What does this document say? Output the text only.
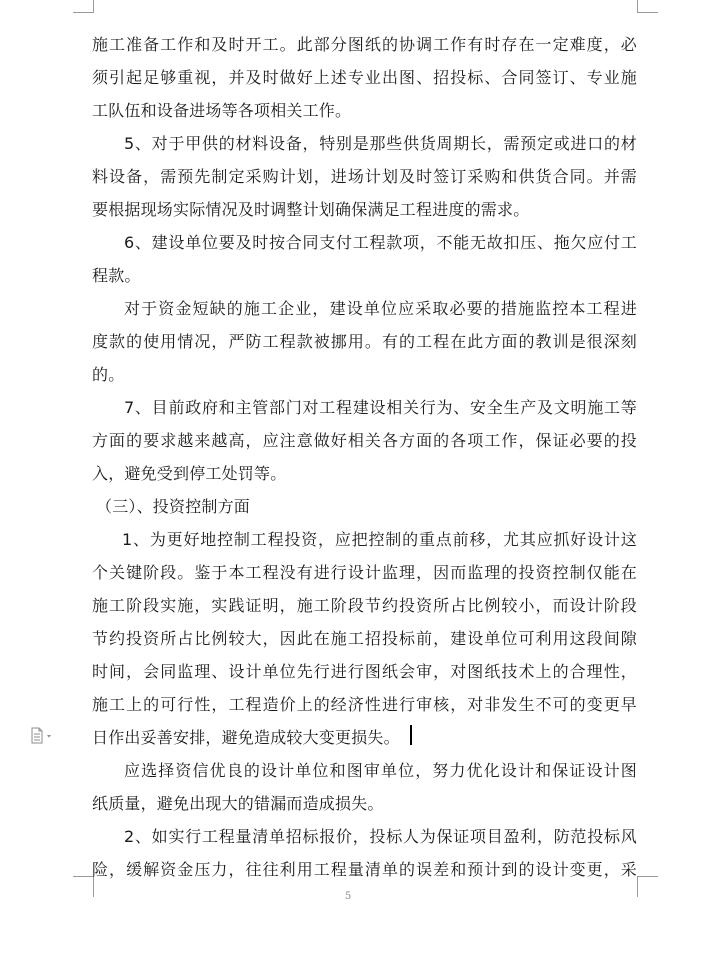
施工准备工作和及时开工。此部分图纸的协调工作有时存在一定难度，必
须引起足够重视，并及时做好上述专业出图、招投标、合同签订、专业施
工队伍和设备进场等各项相关工作。
5、对于甲供的材料设备，特别是那些供货周期长，需预定或进口的材
料设备，需预先制定采购计划，进场计划及时签订采购和供货合同。并需
要根据现场实际情况及时调整计划确保满足工程进度的需求。
6、建设单位要及时按合同支付工程款项，不能无故扣压、拖欠应付工
程款。
对于资金短缺的施工企业，建设单位应采取必要的措施监控本工程进
度款的使用情况，严防工程款被挪用。有的工程在此方面的教训是很深刻
的。
7、目前政府和主管部门对工程建设相关行为、安全生产及文明施工等
方面的要求越来越高，应注意做好相关各方面的各项工作，保证必要的投
入，避免受到停工处罚等。
（三）、投资控制方面
1、为更好地控制工程投资，应把控制的重点前移，尤其应抓好设计这
个关键阶段。鉴于本工程没有进行设计监理，因而监理的投资控制仅能在
施工阶段实施，实践证明，施工阶段节约投资所占比例较小，而设计阶段
节约投资所占比例较大，因此在施工招投标前，建设单位可利用这段间隙
时间，会同监理、设计单位先行进行图纸会审，对图纸技术上的合理性，
施工上的可行性，工程造价上的经济性进行审核，对非发生不可的变更早
日作出妥善安排，避免造成较大变更损失。
应选择资信优良的设计单位和图审单位，努力优化设计和保证设计图
纸质量，避免出现大的错漏而造成损失。
2、如实行工程量清单招标报价，投标人为保证项目盈利，防范投标风
险，缓解资金压力，往往利用工程量清单的误差和预计到的设计变更，采
5
